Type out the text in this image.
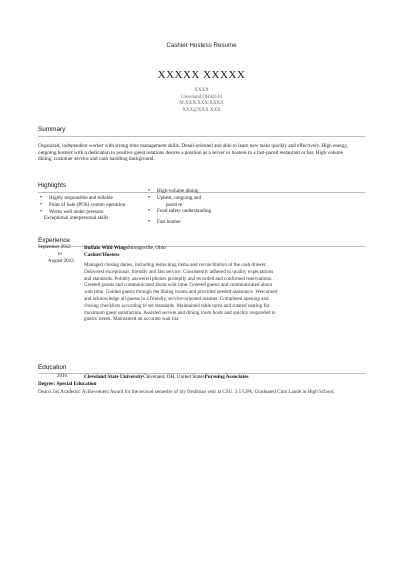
Cashier Hostess Resume
XXXXX XXXXX
XXXX
Cleveland,OH44144
M:XXX.XXX.XXXX
XXX@XXX.XXX
Summary
Organized, independent worker with strong time management skills. Detail-oriented and able to learn new tasks quickly and effectively. High energy, outgoing hostess with a dedication to positive guest relations desires a position as a server or hostess in a fast-paced restaurant or bar. High volume dining, customer service and cash handling background.
Highlights
• Highly responsible and reliable
• Point of Sale (POS) system operation
• Works well under pressure
Exceptional interpersonal skills
• High-volume dining
• Upbeat, outgoing and
positive
• Food safety understanding
• Fast learner
Experience
September 2012
to
August 2013
Buffalo Wild WingsStrongsville, Ohio
Cashier/Hostess
Managed closing duties, including restocking items and reconciliation of the cash drawer. Delivered exceptional, friendly and fast service. Consistently adhered to quality expectations and standards. Politely answered phones promptly and recorded and confirmed reservations. Greeted guests and communicated about wait time. Greeted guests and communicated about wait time. Guided guests through the dining rooms and provided needed assistance. Welcomed and acknowledge all guests in a friendly, service-oriented manner. Completed opening and closing checklists according to set standards. Maintained table turns and rotated seating for maximum guest satisfaction. Assisted servers and dining room hosts and quickly responded to guests' needs. Maintained an accurate wait list.
Education
2016	Cleveland State UniversityCleveland, OH, United StatesPursuing Associates
Degree: Special Education
Dean's list Academic Achievement Award for the second semester of my freshman year at CSU. 3.5 GPA. Graduated Cum Laude in High School.
